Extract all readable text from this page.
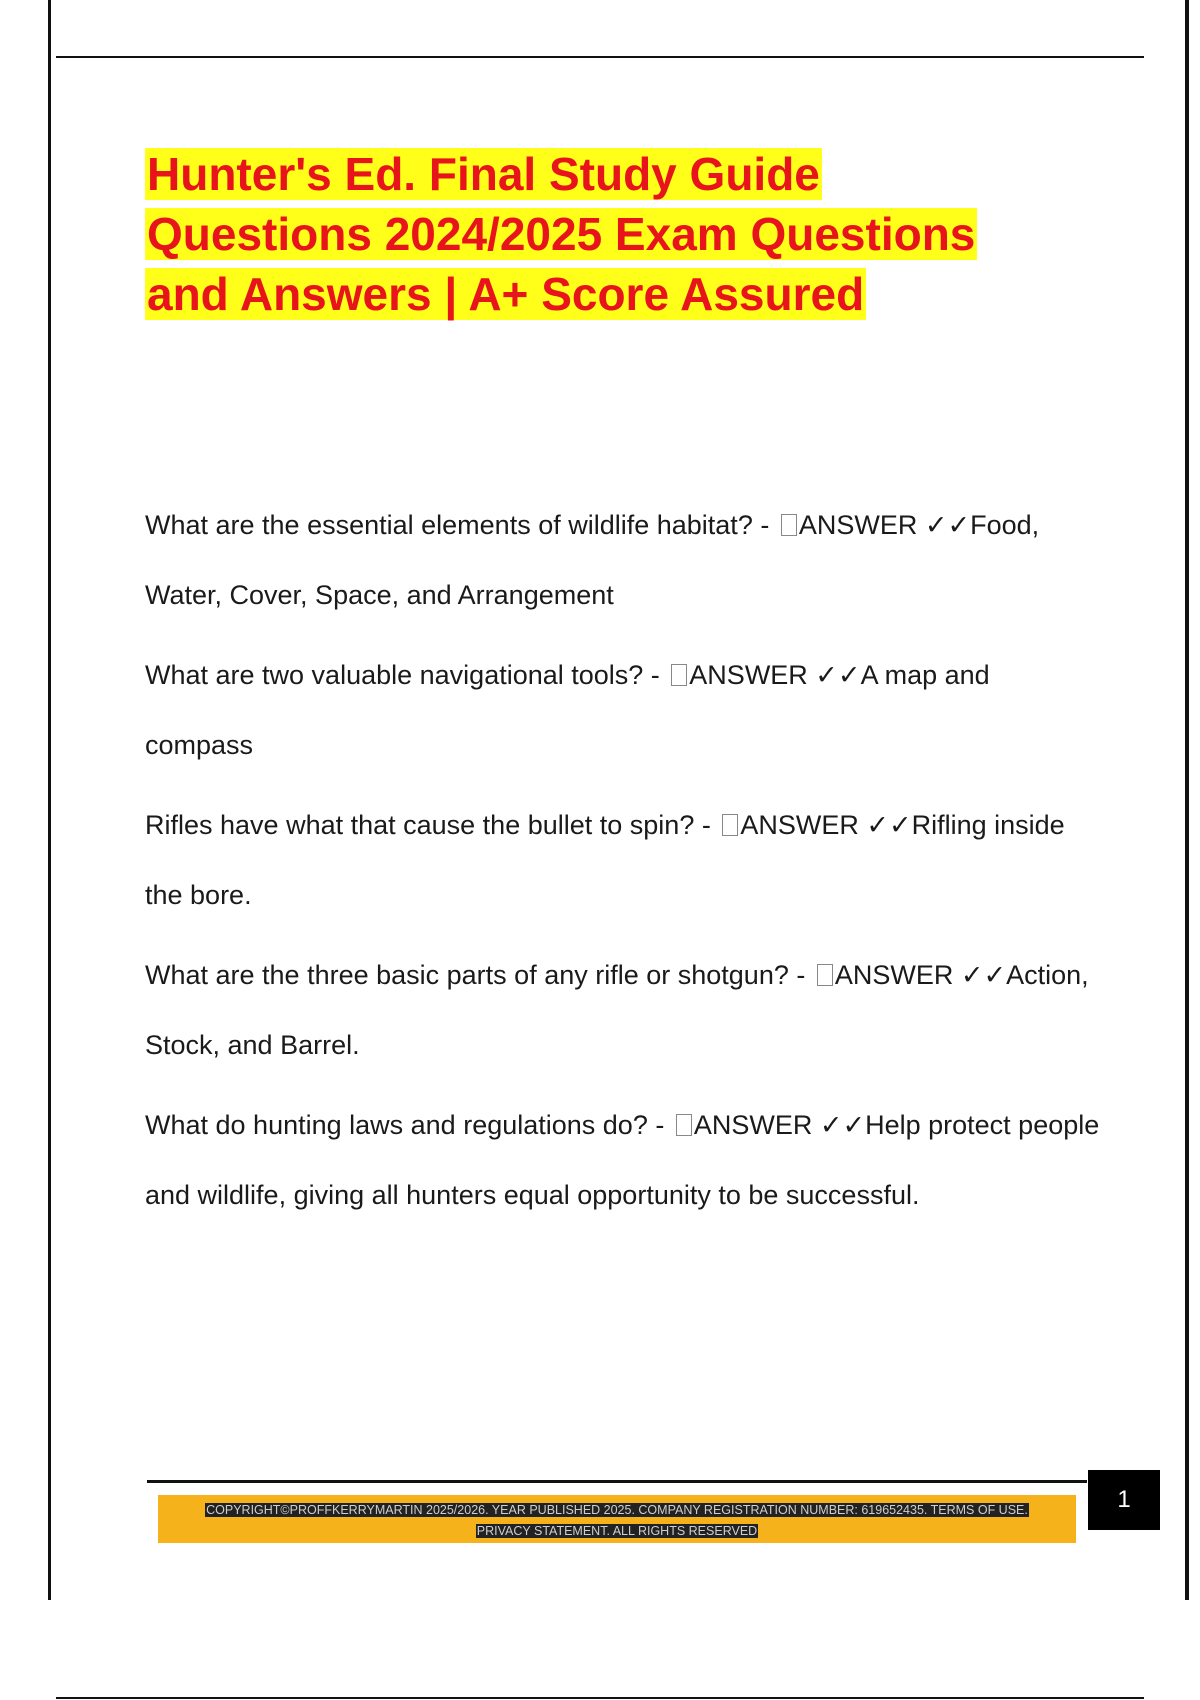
Hunter's Ed. Final Study Guide
Questions 2024/2025 Exam Questions
and Answers | A+ Score Assured

What are the essential elements of wildlife habitat? - ANSWER ✓✓Food, Water, Cover, Space, and Arrangement

What are two valuable navigational tools? - ANSWER ✓✓A map and compass

Rifles have what that cause the bullet to spin? - ANSWER ✓✓Rifling inside the bore.

What are the three basic parts of any rifle or shotgun? - ANSWER ✓✓Action, Stock, and Barrel.

What do hunting laws and regulations do? - ANSWER ✓✓Help protect people and wildlife, giving all hunters equal opportunity to be successful.

COPYRIGHT©PROFFKERRYMARTIN 2025/2026. YEAR PUBLISHED 2025. COMPANY REGISTRATION NUMBER: 619652435. TERMS OF USE.
PRIVACY STATEMENT. ALL RIGHTS RESERVED
1
